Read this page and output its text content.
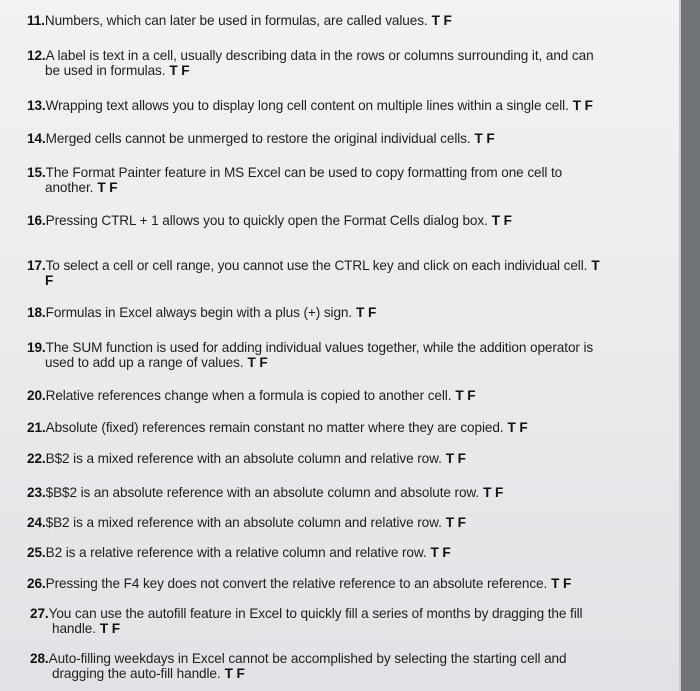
11.Numbers, which can later be used in formulas, are called values. T F
12.A label is text in a cell, usually describing data in the rows or columns surrounding it, and can
be used in formulas. T F
13.Wrapping text allows you to display long cell content on multiple lines within a single cell. T F
14.Merged cells cannot be unmerged to restore the original individual cells. T F
15.The Format Painter feature in MS Excel can be used to copy formatting from one cell to
another. T F
16.Pressing CTRL + 1 allows you to quickly open the Format Cells dialog box. T F
17.To select a cell or cell range, you cannot use the CTRL key and click on each individual cell. T
F
18.Formulas in Excel always begin with a plus (+) sign. T F
19.The SUM function is used for adding individual values together, while the addition operator is
used to add up a range of values. T F
20.Relative references change when a formula is copied to another cell. T F
21.Absolute (fixed) references remain constant no matter where they are copied. T F
22.B$2 is a mixed reference with an absolute column and relative row. T F
23.$B$2 is an absolute reference with an absolute column and absolute row. T F
24.$B2 is a mixed reference with an absolute column and relative row. T F
25.B2 is a relative reference with a relative column and relative row. T F
26.Pressing the F4 key does not convert the relative reference to an absolute reference. T F
27.You can use the autofill feature in Excel to quickly fill a series of months by dragging the fill
handle. T F
28.Auto-filling weekdays in Excel cannot be accomplished by selecting the starting cell and
dragging the auto-fill handle. T F
